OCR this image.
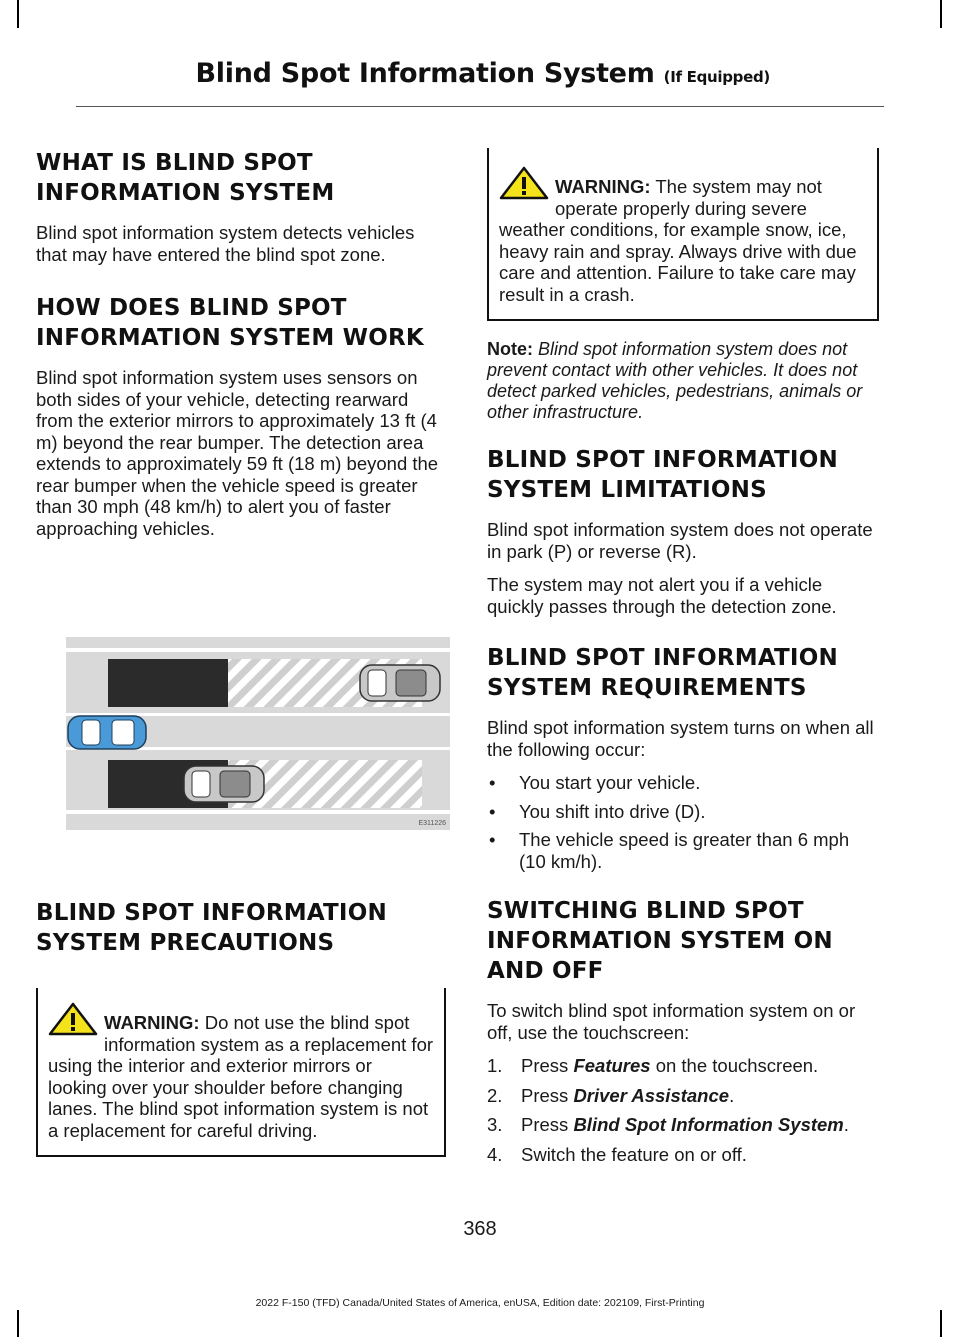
Blind Spot Information System (If Equipped)
WHAT IS BLIND SPOT
INFORMATION SYSTEM

Blind spot information system detects vehicles that may have entered the blind spot zone.

HOW DOES BLIND SPOT
INFORMATION SYSTEM WORK

Blind spot information system uses sensors on both sides of your vehicle, detecting rearward from the exterior mirrors to approximately 13 ft (4 m) beyond the rear bumper. The detection area extends to approximately 59 ft (18 m) beyond the rear bumper when the vehicle speed is greater than 30 mph (48 km/h) to alert you of faster approaching vehicles.

E311226
BLIND SPOT INFORMATION
SYSTEM PRECAUTIONS
WARNING: Do not use the blind spot information system as a replacement for using the interior and exterior mirrors or looking over your shoulder before changing lanes. The blind spot information system is not a replacement for careful driving.
WARNING: The system may not operate properly during severe weather conditions, for example snow, ice, heavy rain and spray. Always drive with due care and attention. Failure to take care may result in a crash.

Note: Blind spot information system does not prevent contact with other vehicles. It does not detect parked vehicles, pedestrians, animals or other infrastructure.

BLIND SPOT INFORMATION
SYSTEM LIMITATIONS

Blind spot information system does not operate in park (P) or reverse (R).

The system may not alert you if a vehicle quickly passes through the detection zone.

BLIND SPOT INFORMATION
SYSTEM REQUIREMENTS

Blind spot information system turns on when all the following occur:

• You start your vehicle.
• You shift into drive (D).
• The vehicle speed is greater than 6 mph (10 km/h).
SWITCHING BLIND SPOT
INFORMATION SYSTEM ON
AND OFF

To switch blind spot information system on or off, use the touchscreen:

1. Press Features on the touchscreen.
2. Press Driver Assistance.
3. Press Blind Spot Information System.
4. Switch the feature on or off.
368
2022 F-150 (TFD) Canada/United States of America, enUSA, Edition date: 202109, First-Printing
